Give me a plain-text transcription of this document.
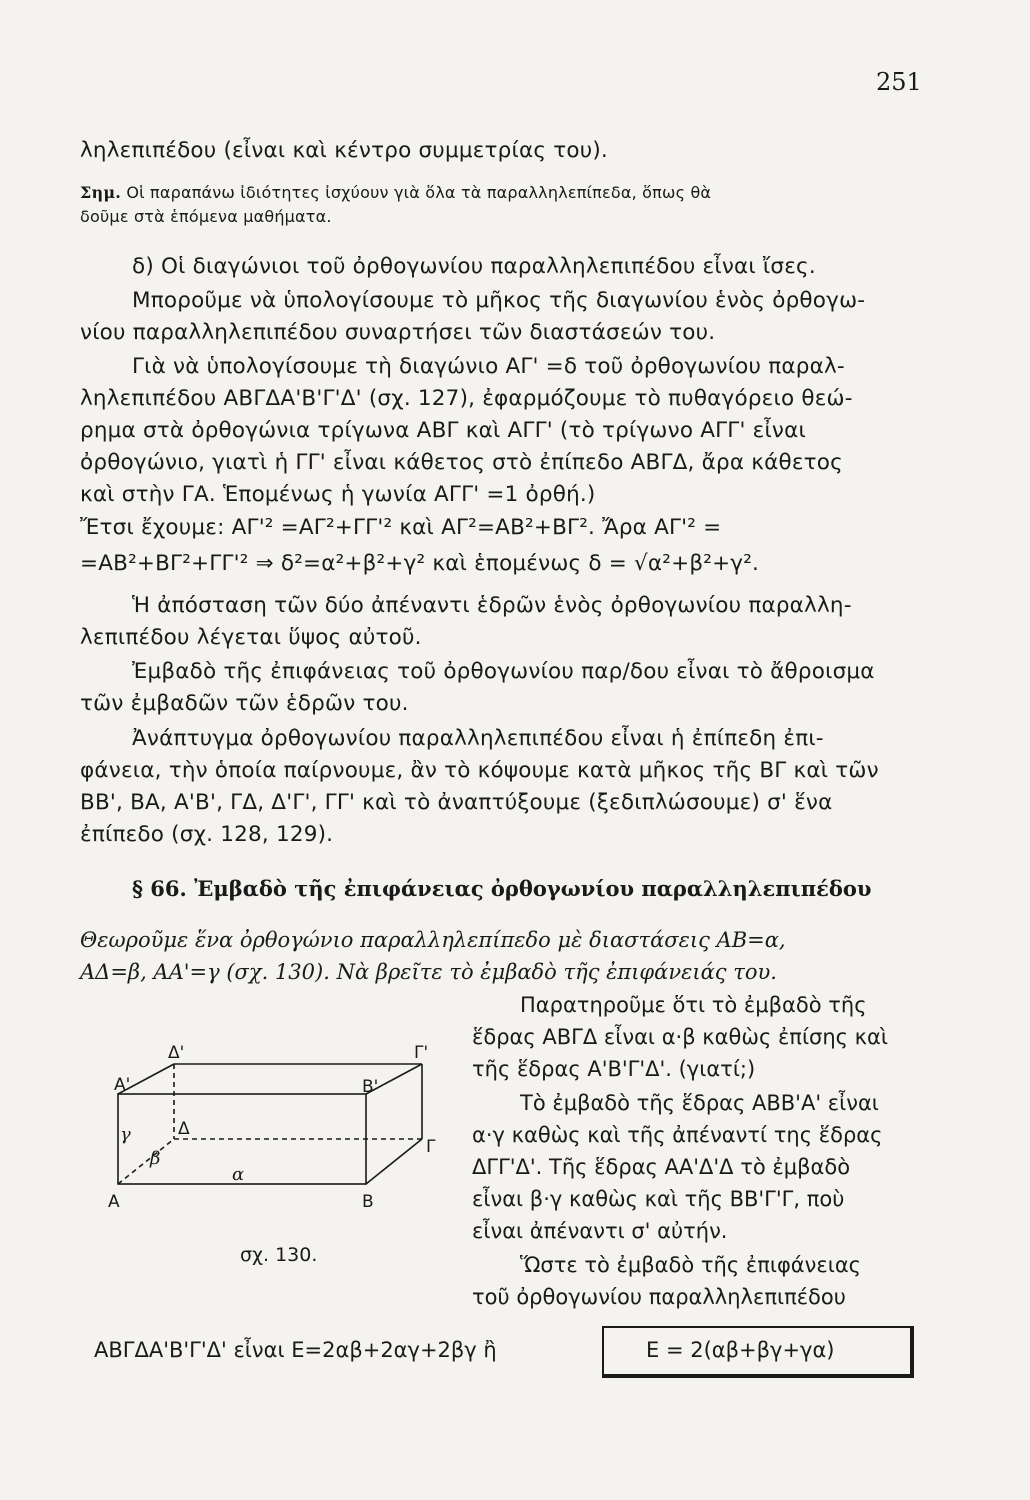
251
ληλεπιπέδου (εἶναι καὶ κέντρο συμμετρίας του).
Σημ. Οἱ παραπάνω ἰδιότητες ἰσχύουν γιὰ ὅλα τὰ παραλληλεπίπεδα, ὅπως θὰ
δοῦμε στὰ ἑπόμενα μαθήματα.
δ) Οἱ διαγώνιοι τοῦ ὀρθογωνίου παραλληλεπιπέδου εἶναι ἴσες.
Μποροῦμε νὰ ὑπολογίσουμε τὸ μῆκος τῆς διαγωνίου ἑνὸς ὀρθογω-
νίου παραλληλεπιπέδου συναρτήσει τῶν διαστάσεών του.
Γιὰ νὰ ὑπολογίσουμε τὴ διαγώνιο ΑΓ' =δ τοῦ ὀρθογωνίου παραλ-
ληλεπιπέδου ΑΒΓΔΑ'Β'Γ'Δ' (σχ. 127), ἐφαρμόζουμε τὸ πυθαγόρειο θεώ-
ρημα στὰ ὀρθογώνια τρίγωνα ΑΒΓ καὶ ΑΓΓ' (τὸ τρίγωνο ΑΓΓ' εἶναι
ὀρθογώνιο, γιατὶ ἡ ΓΓ' εἶναι κάθετος στὸ ἐπίπεδο ΑΒΓΔ, ἄρα κάθετος
καὶ στὴν ΓΑ. Ἑπομένως ἡ γωνία ΑΓΓ' =1 ὀρθή.)
Ἔτσι ἔχουμε: ΑΓ'² =ΑΓ²+ΓΓ'² καὶ ΑΓ²=ΑΒ²+ΒΓ². Ἄρα ΑΓ'² =
=ΑΒ²+ΒΓ²+ΓΓ'² ⇒ δ²=α²+β²+γ² καὶ ἑπομένως δ = √α²+β²+γ².
Ἡ ἀπόσταση τῶν δύο ἀπέναντι ἑδρῶν ἑνὸς ὀρθογωνίου παραλλη-
λεπιπέδου λέγεται ὕψος αὐτοῦ.
Ἐμβαδὸ τῆς ἐπιφάνειας τοῦ ὀρθογωνίου παρ/δου εἶναι τὸ ἄθροισμα
τῶν ἐμβαδῶν τῶν ἑδρῶν του.
Ἀνάπτυγμα ὀρθογωνίου παραλληλεπιπέδου εἶναι ἡ ἐπίπεδη ἐπι-
φάνεια, τὴν ὁποία παίρνουμε, ἂν τὸ κόψουμε κατὰ μῆκος τῆς ΒΓ καὶ τῶν
ΒΒ', ΒΑ, Α'Β', ΓΔ, Δ'Γ', ΓΓ' καὶ τὸ ἀναπτύξουμε (ξεδιπλώσουμε) σ' ἕνα
ἐπίπεδο (σχ. 128, 129).
§ 66. Ἐμβαδὸ τῆς ἐπιφάνειας ὀρθογωνίου παραλληλεπιπέδου
Θεωροῦμε ἕνα ὀρθογώνιο παραλληλεπίπεδο μὲ διαστάσεις ΑΒ=α,
ΑΔ=β, ΑΑ'=γ (σχ. 130). Νὰ βρεῖτε τὸ ἐμβαδὸ τῆς ἐπιφάνειάς του.
Παρατηροῦμε ὅτι τὸ ἐμβαδὸ τῆς
ἕδρας ΑΒΓΔ εἶναι α·β καθὼς ἐπίσης καὶ
τῆς ἕδρας Α'Β'Γ'Δ'. (γιατί;)
Τὸ ἐμβαδὸ τῆς ἕδρας ΑΒΒ'Α' εἶναι
α·γ καθὼς καὶ τῆς ἀπέναντί της ἕδρας
ΔΓΓ'Δ'. Τῆς ἕδρας ΑΑ'Δ'Δ τὸ ἐμβαδὸ
εἶναι β·γ καθὼς καὶ τῆς ΒΒ'Γ'Γ, ποὺ
εἶναι ἀπέναντι σ' αὐτήν.
Ὥστε τὸ ἐμβαδὸ τῆς ἐπιφάνειας
τοῦ ὀρθογωνίου παραλληλεπιπέδου
Α	Β
Α'	Β'
Γ'
Δ'
Δ
Γ
α
β
γ
σχ. 130.
ΑΒΓΔΑ'Β'Γ'Δ' εἶναι Ε=2αβ+2αγ+2βγ ἢ	Ε = 2(αβ+βγ+γα)
